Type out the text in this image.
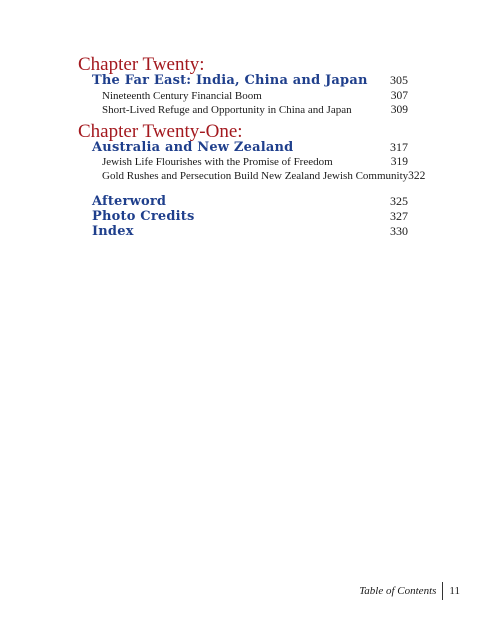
Chapter Twenty:
The Far East: India, China and Japan 305
Nineteenth Century Financial Boom	307
Short-Lived Refuge and Opportunity in China and Japan	309
Chapter Twenty-One:
Australia and New Zealand	317
Jewish Life Flourishes with the Promise of Freedom	319
Gold Rushes and Persecution Build New Zealand Jewish Community 322
Afterword	325
Photo Credits	327
Index	330
Table of Contents	11
